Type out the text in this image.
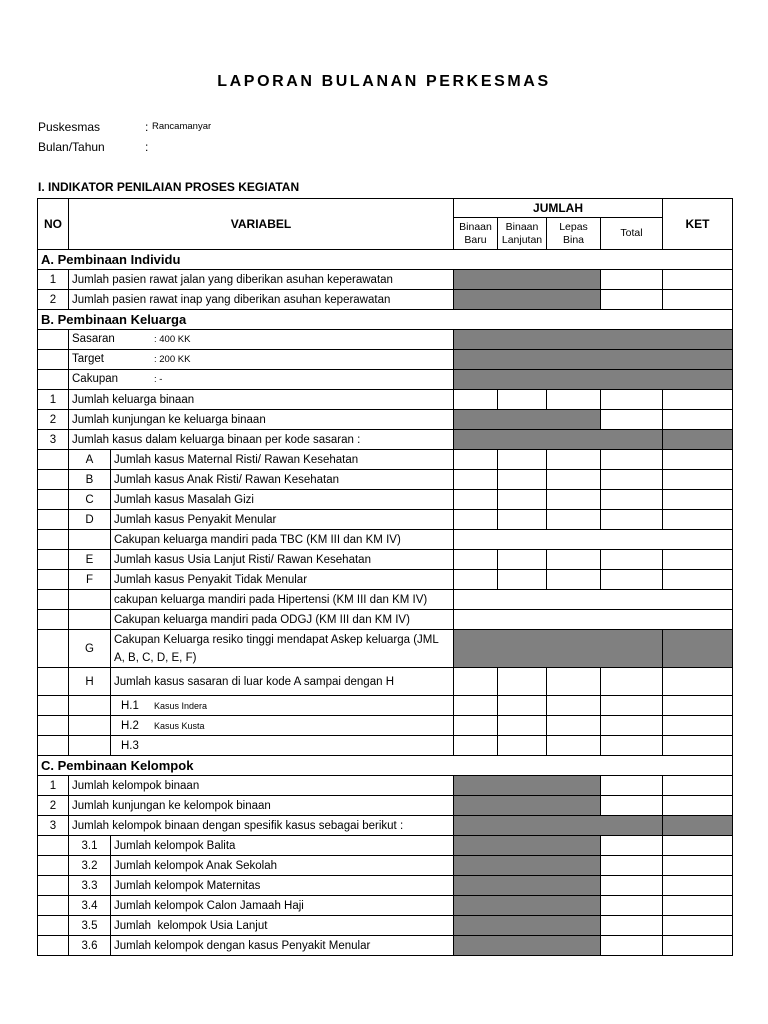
LAPORAN BULANAN PERKESMAS
Puskesmas	: Rancamanyar
Bulan/Tahun	:
I. INDIKATOR PENILAIAN PROSES KEGIATAN
NO	VARIABEL		JUMLAH				KET
			Binaan Baru	Binaan Lanjutan	Lepas Bina	Total	
A. Pembinaan Individu							
1	Jumlah pasien rawat jalan yang diberikan asuhan keperawatan						
2	Jumlah pasien rawat inap yang diberikan asuhan keperawatan						
B. Pembinaan Keluarga							
	Sasaran : 400 KK						
	Target : 200 KK						
	Cakupan : -						
1	Jumlah keluarga binaan						
2	Jumlah kunjungan ke keluarga binaan						
3	Jumlah kasus dalam keluarga binaan per kode sasaran :						
	A	Jumlah kasus Maternal Risti/ Rawan Kesehatan					
	B	Jumlah kasus Anak Risti/ Rawan Kesehatan					
	C	Jumlah kasus Masalah Gizi					
	D	Jumlah kasus Penyakit Menular					
		Cakupan keluarga mandiri pada TBC (KM III dan KM IV)					
	E	Jumlah kasus Usia Lanjut Risti/ Rawan Kesehatan					
	F	Jumlah kasus Penyakit Tidak Menular					
		cakupan keluarga mandiri pada Hipertensi (KM III dan KM IV)					
		Cakupan keluarga mandiri pada ODGJ (KM III dan KM IV)					
	G	Cakupan Keluarga resiko tinggi mendapat Askep keluarga (JML
A, B, C, D, E, F)					
	H	Jumlah kasus sasaran di luar kode A sampai dengan H					
		H.1 Kasus Indera					
		H.2 Kasus Kusta					
		H.3					
C. Pembinaan Kelompok							
1	Jumlah kelompok binaan						
2	Jumlah kunjungan ke kelompok binaan						
3	Jumlah kelompok binaan dengan spesifik kasus sebagai berikut :						
	3.1	Jumlah kelompok Balita					
	3.2	Jumlah kelompok Anak Sekolah					
	3.3	Jumlah kelompok Maternitas					
	3.4	Jumlah kelompok Calon Jamaah Haji					
	3.5	Jumlah  kelompok Usia Lanjut					
	3.6	Jumlah kelompok dengan kasus Penyakit Menular					
